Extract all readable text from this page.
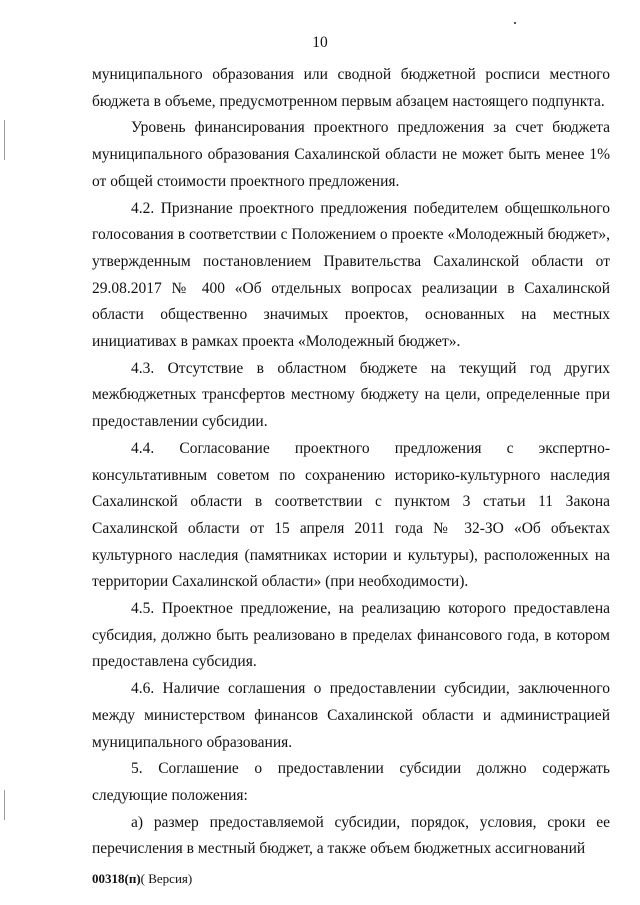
10

муниципального образования или сводной бюджетной росписи местного бюджета в объеме, предусмотренном первым абзацем настоящего подпункта.

Уровень финансирования проектного предложения за счет бюджета муниципального образования Сахалинской области не может быть менее 1% от общей стоимости проектного предложения.

4.2. Признание проектного предложения победителем общешкольного голосования в соответствии с Положением о проекте «Молодежный бюджет», утвержденным постановлением Правительства Сахалинской области от 29.08.2017 № 400 «Об отдельных вопросах реализации в Сахалинской области общественно значимых проектов, основанных на местных инициативах в рамках проекта «Молодежный бюджет».

4.3. Отсутствие в областном бюджете на текущий год других межбюджетных трансфертов местному бюджету на цели, определенные при предоставлении субсидии.

4.4. Согласование проектного предложения с экспертно-консультативным советом по сохранению историко-культурного наследия Сахалинской области в соответствии с пунктом 3 статьи 11 Закона Сахалинской области от 15 апреля 2011 года № 32-ЗО «Об объектах культурного наследия (памятниках истории и культуры), расположенных на территории Сахалинской области» (при необходимости).

4.5. Проектное предложение, на реализацию которого предоставлена субсидия, должно быть реализовано в пределах финансового года, в котором предоставлена субсидия.

4.6. Наличие соглашения о предоставлении субсидии, заключенного между министерством финансов Сахалинской области и администрацией муниципального образования.

5. Соглашение о предоставлении субсидии должно содержать следующие положения:

а) размер предоставляемой субсидии, порядок, условия, сроки ее перечисления в местный бюджет, а также объем бюджетных ассигнований

00318(п)( Версия)
